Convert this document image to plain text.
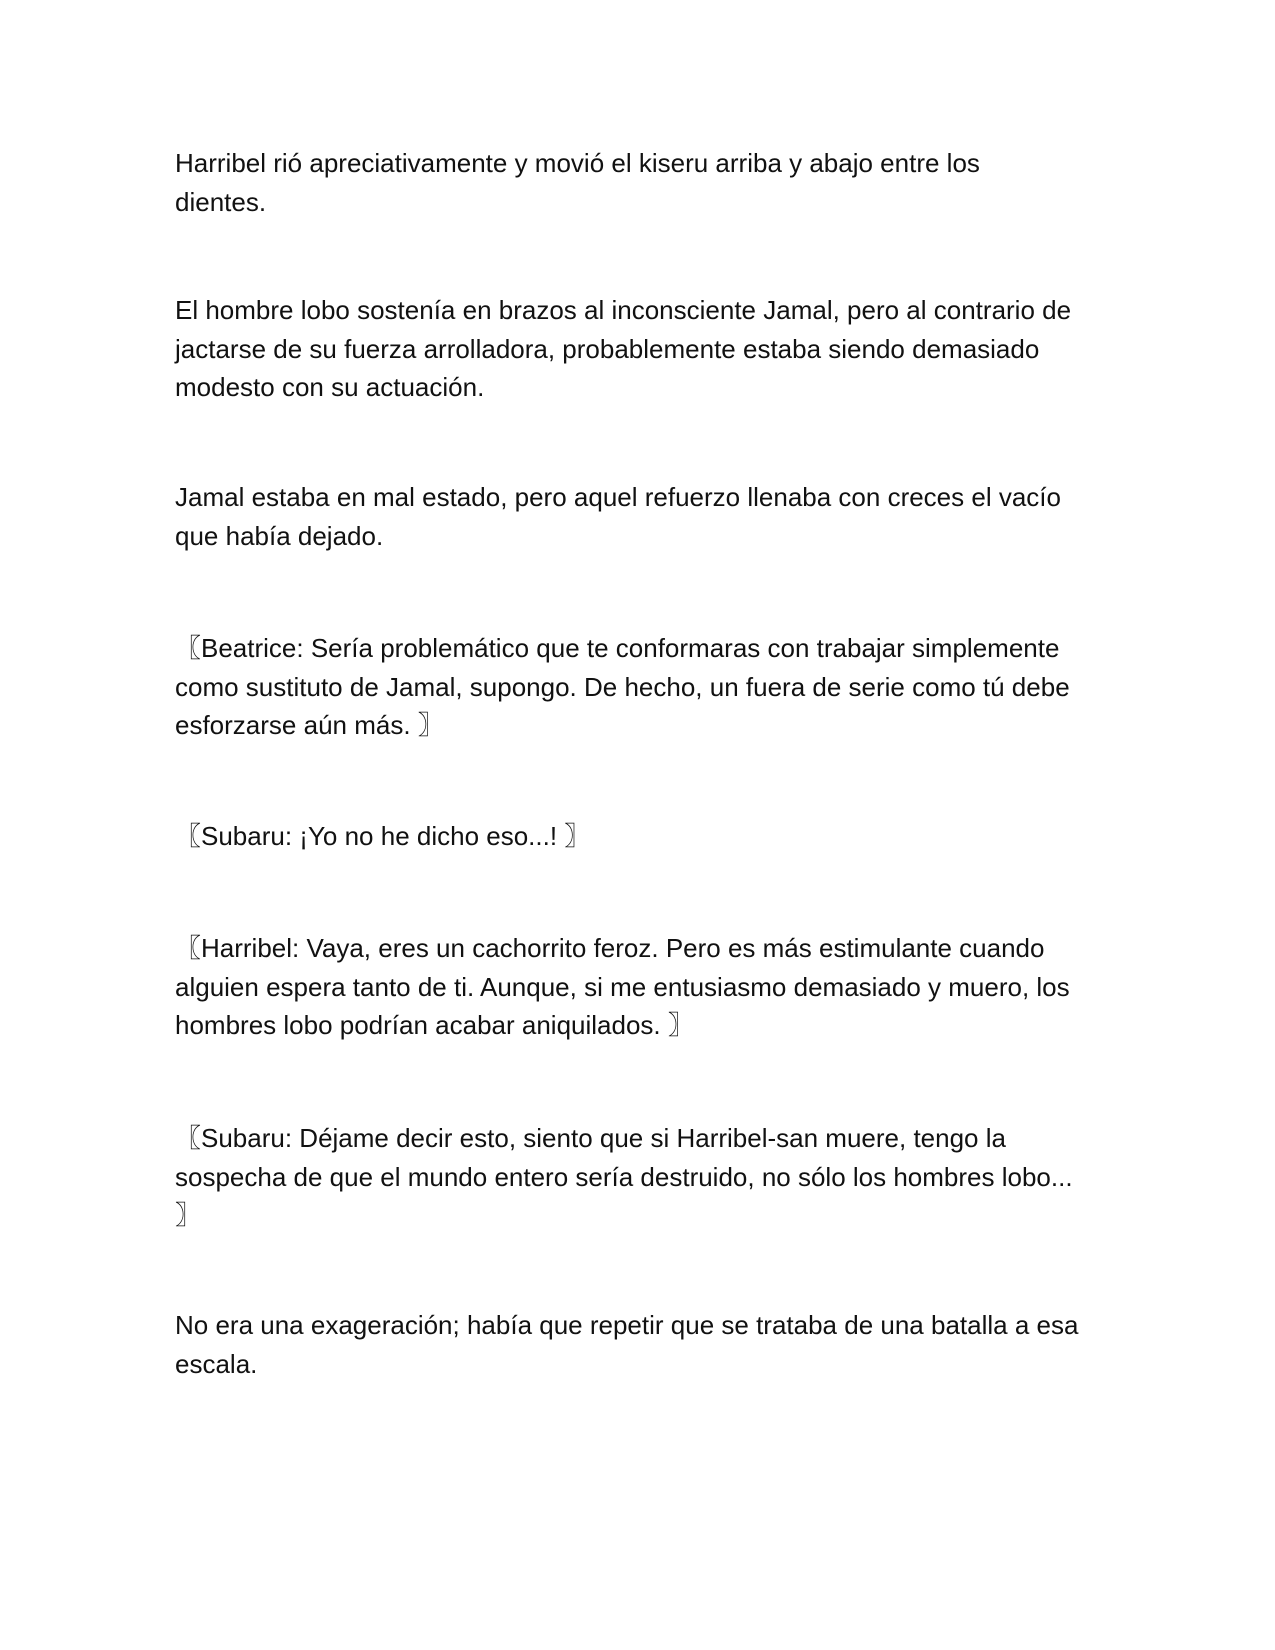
Harribel rió apreciativamente y movió el kiseru arriba y abajo entre los
dientes.

El hombre lobo sostenía en brazos al inconsciente Jamal, pero al contrario de
jactarse de su fuerza arrolladora, probablemente estaba siendo demasiado
modesto con su actuación.

Jamal estaba en mal estado, pero aquel refuerzo llenaba con creces el vacío
que había dejado.

〖Beatrice: Sería problemático que te conformaras con trabajar simplemente
como sustituto de Jamal, supongo. De hecho, un fuera de serie como tú debe
esforzarse aún más. 〗

〖Subaru: ¡Yo no he dicho eso...! 〗

〖Harribel: Vaya, eres un cachorrito feroz. Pero es más estimulante cuando
alguien espera tanto de ti. Aunque, si me entusiasmo demasiado y muero, los
hombres lobo podrían acabar aniquilados. 〗

〖Subaru: Déjame decir esto, siento que si Harribel-san muere, tengo la
sospecha de que el mundo entero sería destruido, no sólo los hombres lobo...
〗

No era una exageración; había que repetir que se trataba de una batalla a esa
escala.
